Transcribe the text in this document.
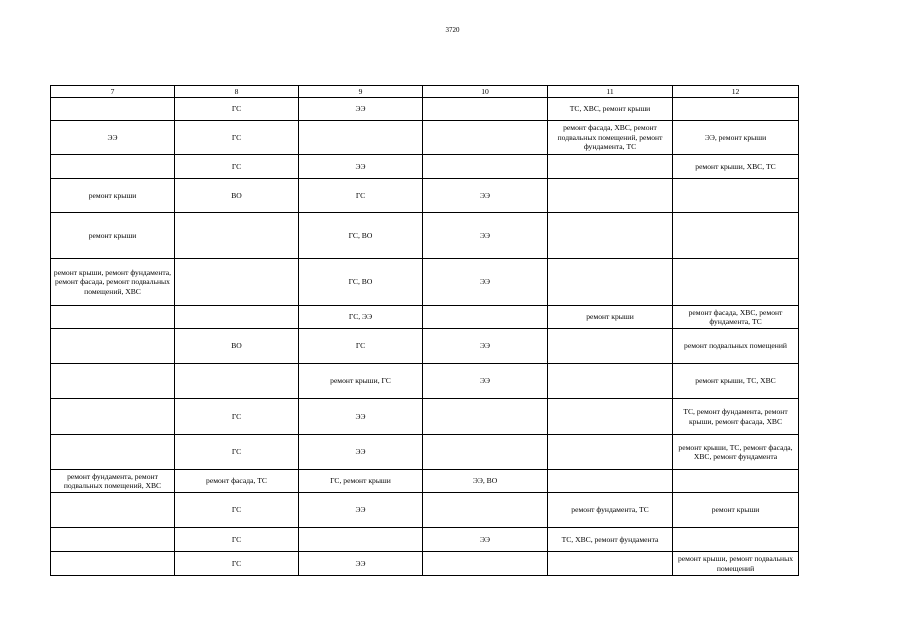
3720
7	8	9	10	11	12
	ГС	ЭЭ		ТС, ХВС, ремонт крыши	
ЭЭ	ГС			ремонт фасада, ХВС, ремонт подвальных помещений, ремонт фундамента, ТС	ЭЭ, ремонт крыши
	ГС	ЭЭ			ремонт крыши, ХВС, ТС
ремонт крыши	ВО	ГС	ЭЭ		
ремонт крыши		ГС, ВО	ЭЭ		
ремонт крыши, ремонт фундамента, ремонт фасада, ремонт подвальных помещений, ХВС		ГС, ВО	ЭЭ		
		ГС, ЭЭ		ремонт крыши	ремонт фасада, ХВС, ремонт фундамента, ТС
	ВО	ГС	ЭЭ		ремонт подвальных помещений
		ремонт крыши, ГС	ЭЭ		ремонт крыши, ТС, ХВС
	ГС	ЭЭ			ТС, ремонт фундамента, ремонт крыши, ремонт фасада, ХВС
	ГС	ЭЭ			ремонт крыши, ТС, ремонт фасада, ХВС, ремонт фундамента
ремонт фундамента, ремонт подвальных помещений, ХВС	ремонт фасада, ТС	ГС, ремонт крыши	ЭЭ, ВО		
	ГС	ЭЭ		ремонт фундамента, ТС	ремонт крыши
	ГС		ЭЭ	ТС, ХВС, ремонт фундамента	
	ГС	ЭЭ			ремонт крыши, ремонт подвальных помещений
